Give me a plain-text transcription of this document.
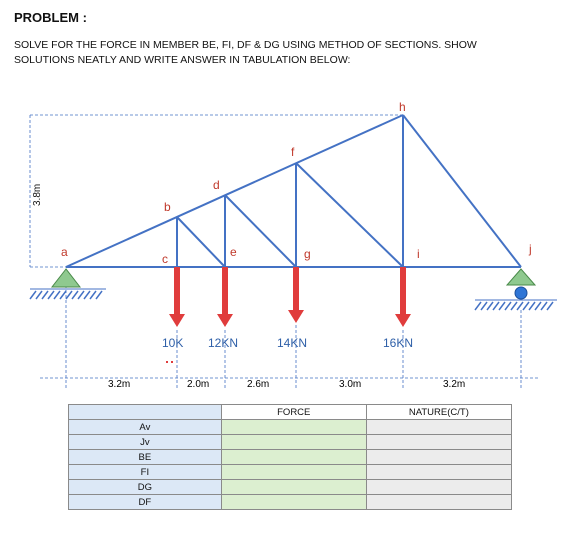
PROBLEM :
SOLVE FOR THE FORCE IN MEMBER BE, FI, DF & DG USING METHOD OF SECTIONS. SHOW SOLUTIONS NEATLY AND WRITE ANSWER IN TABULATION BELOW:
a
b
c
d
e
f
g
h
i	j
10K 12KN	14KN	16KN
3.8m
3.2m	2.0m	2.6m	3.0m	3.2m
	FORCE	NATURE(C/T)
Av		
Jv		
BE		
FI		
DG		
DF		
